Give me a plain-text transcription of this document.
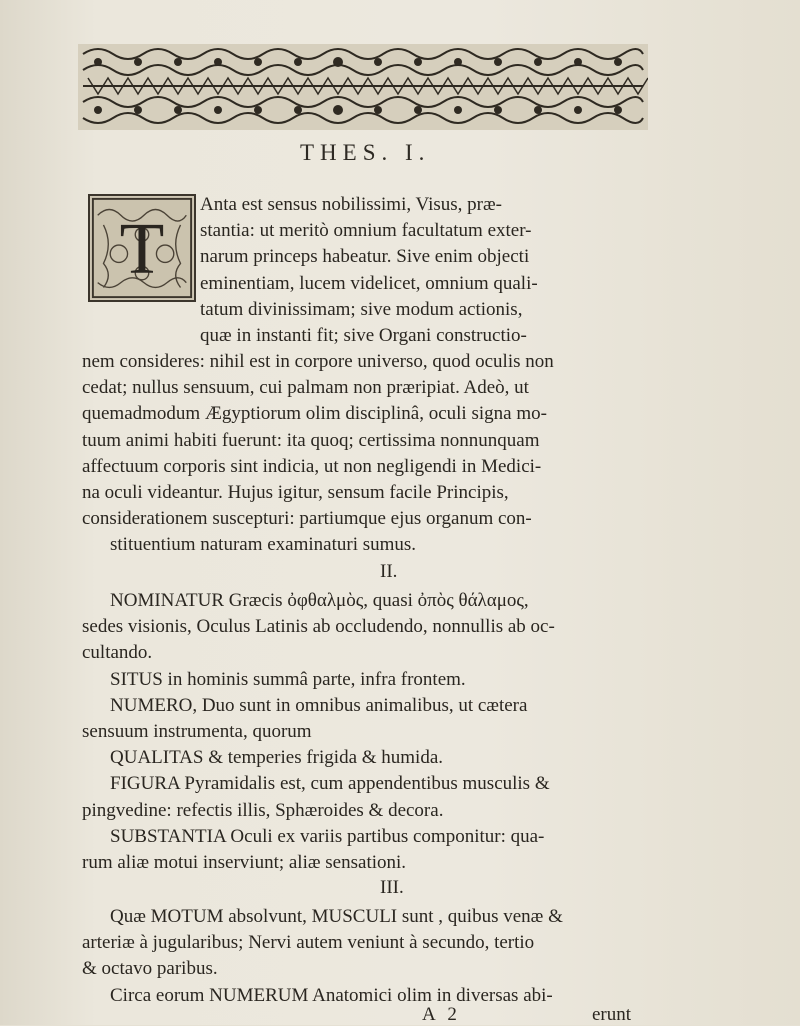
THES. I.
T
Anta est sensus nobilissimi, Visus, præ-
stantia: ut meritò omnium facultatum exter-
narum princeps habeatur. Sive enim objecti
eminentiam, lucem videlicet, omnium quali-
tatum divinissimam; sive modum actionis,
quæ in instanti fit; sive Organi constructio-
nem consideres: nihil est in corpore universo, quod oculis non
cedat; nullus sensuum, cui palmam non præripiat. Adeò, ut
quemadmodum Ægyptiorum olim disciplinâ, oculi signa mo-
tuum animi habiti fuerunt: ita quoq; certissima nonnunquam
affectuum corporis sint indicia, ut non negligendi in Medici-
na oculi videantur. Hujus igitur, sensum facile Principis,
considerationem suscepturi: partiumque ejus organum con-
stituentium naturam examinaturi sumus.
II.
NOMINATUR Græcis ὀφθαλμὸς, quasi ὀπὸς θάλαμος,
sedes visionis, Oculus Latinis ab occludendo, nonnullis ab oc-
cultando.
SITUS in hominis summâ parte, infra frontem.
NUMERO, Duo sunt in omnibus animalibus, ut cætera
sensuum instrumenta, quorum
QUALITAS & temperies frigida & humida.
FIGURA Pyramidalis est, cum appendentibus musculis &
pingvedine: refectis illis, Sphæroides & decora.
SUBSTANTIA Oculi ex variis partibus componitur: qua-
rum aliæ motui inserviunt; aliæ sensationi.
III.
Quæ MOTUM absolvunt, MUSCULI sunt , quibus venæ &
arteriæ à jugularibus; Nervi autem veniunt à secundo, tertio
& octavo paribus.
Circa eorum NUMERUM Anatomici olim in diversas abi-
A 2	erunt
